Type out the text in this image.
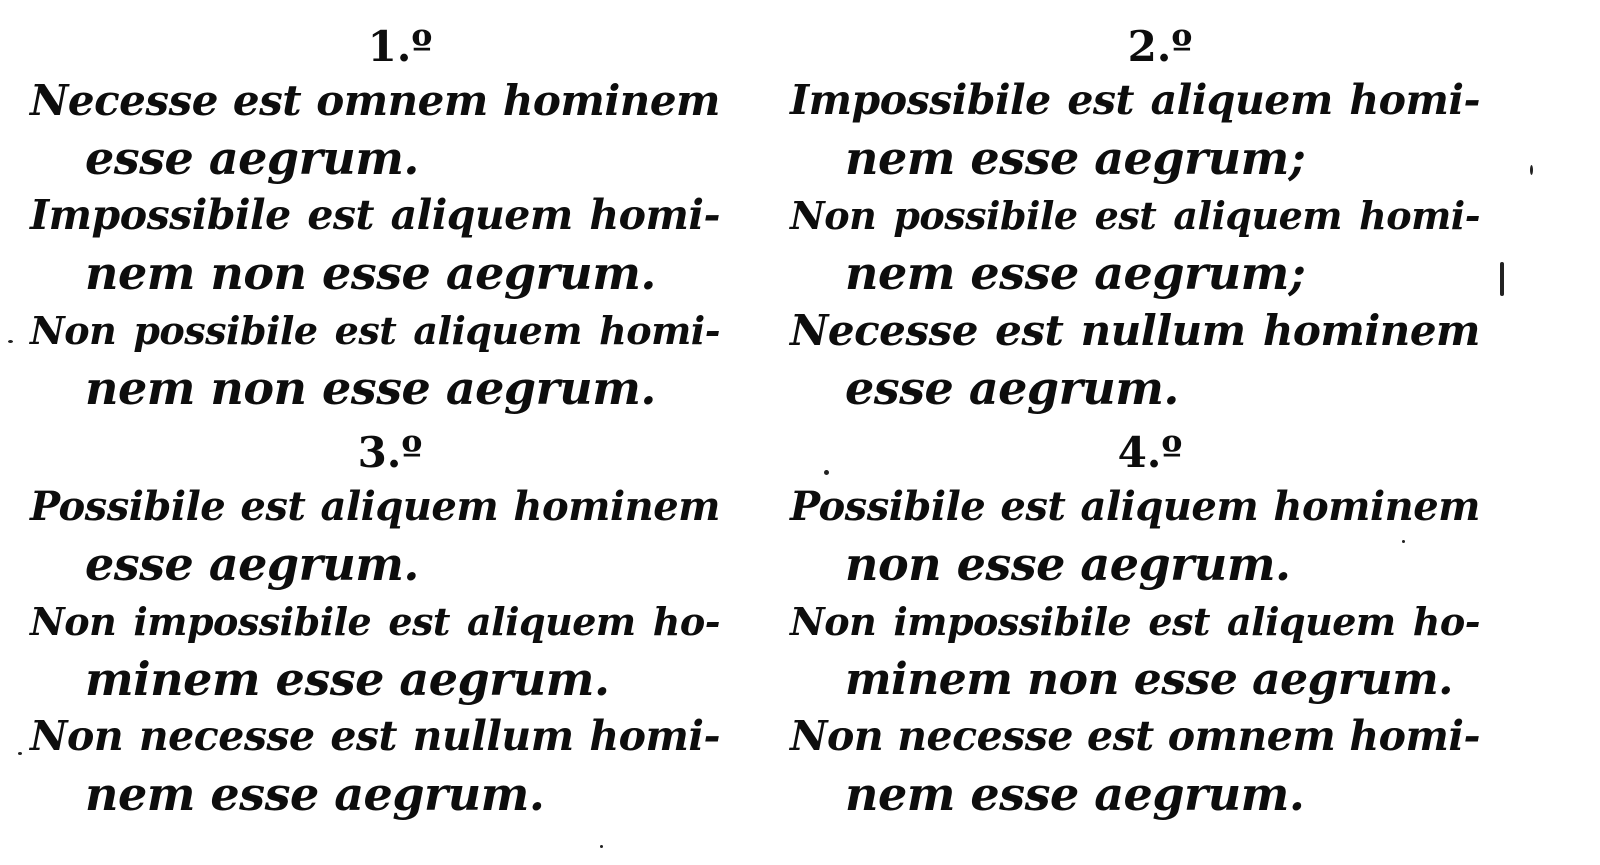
1.º
Necesse est omnem hominem
esse aegrum.
Impossibile est aliquem homi-
nem non esse aegrum.
Non possibile est aliquem homi-
nem non esse aegrum.
2.º
Impossibile est aliquem homi-
nem esse aegrum;
Non possibile est aliquem homi-
nem esse aegrum;
Necesse est nullum hominem
esse aegrum.
3.º
Possibile est aliquem hominem
esse aegrum.
Non impossibile est aliquem ho-
minem esse aegrum.
Non necesse est nullum homi-
nem esse aegrum.
4.º
Possibile est aliquem hominem
non esse aegrum.
Non impossibile est aliquem ho-
minem non esse aegrum.
Non necesse est omnem homi-
nem esse aegrum.
